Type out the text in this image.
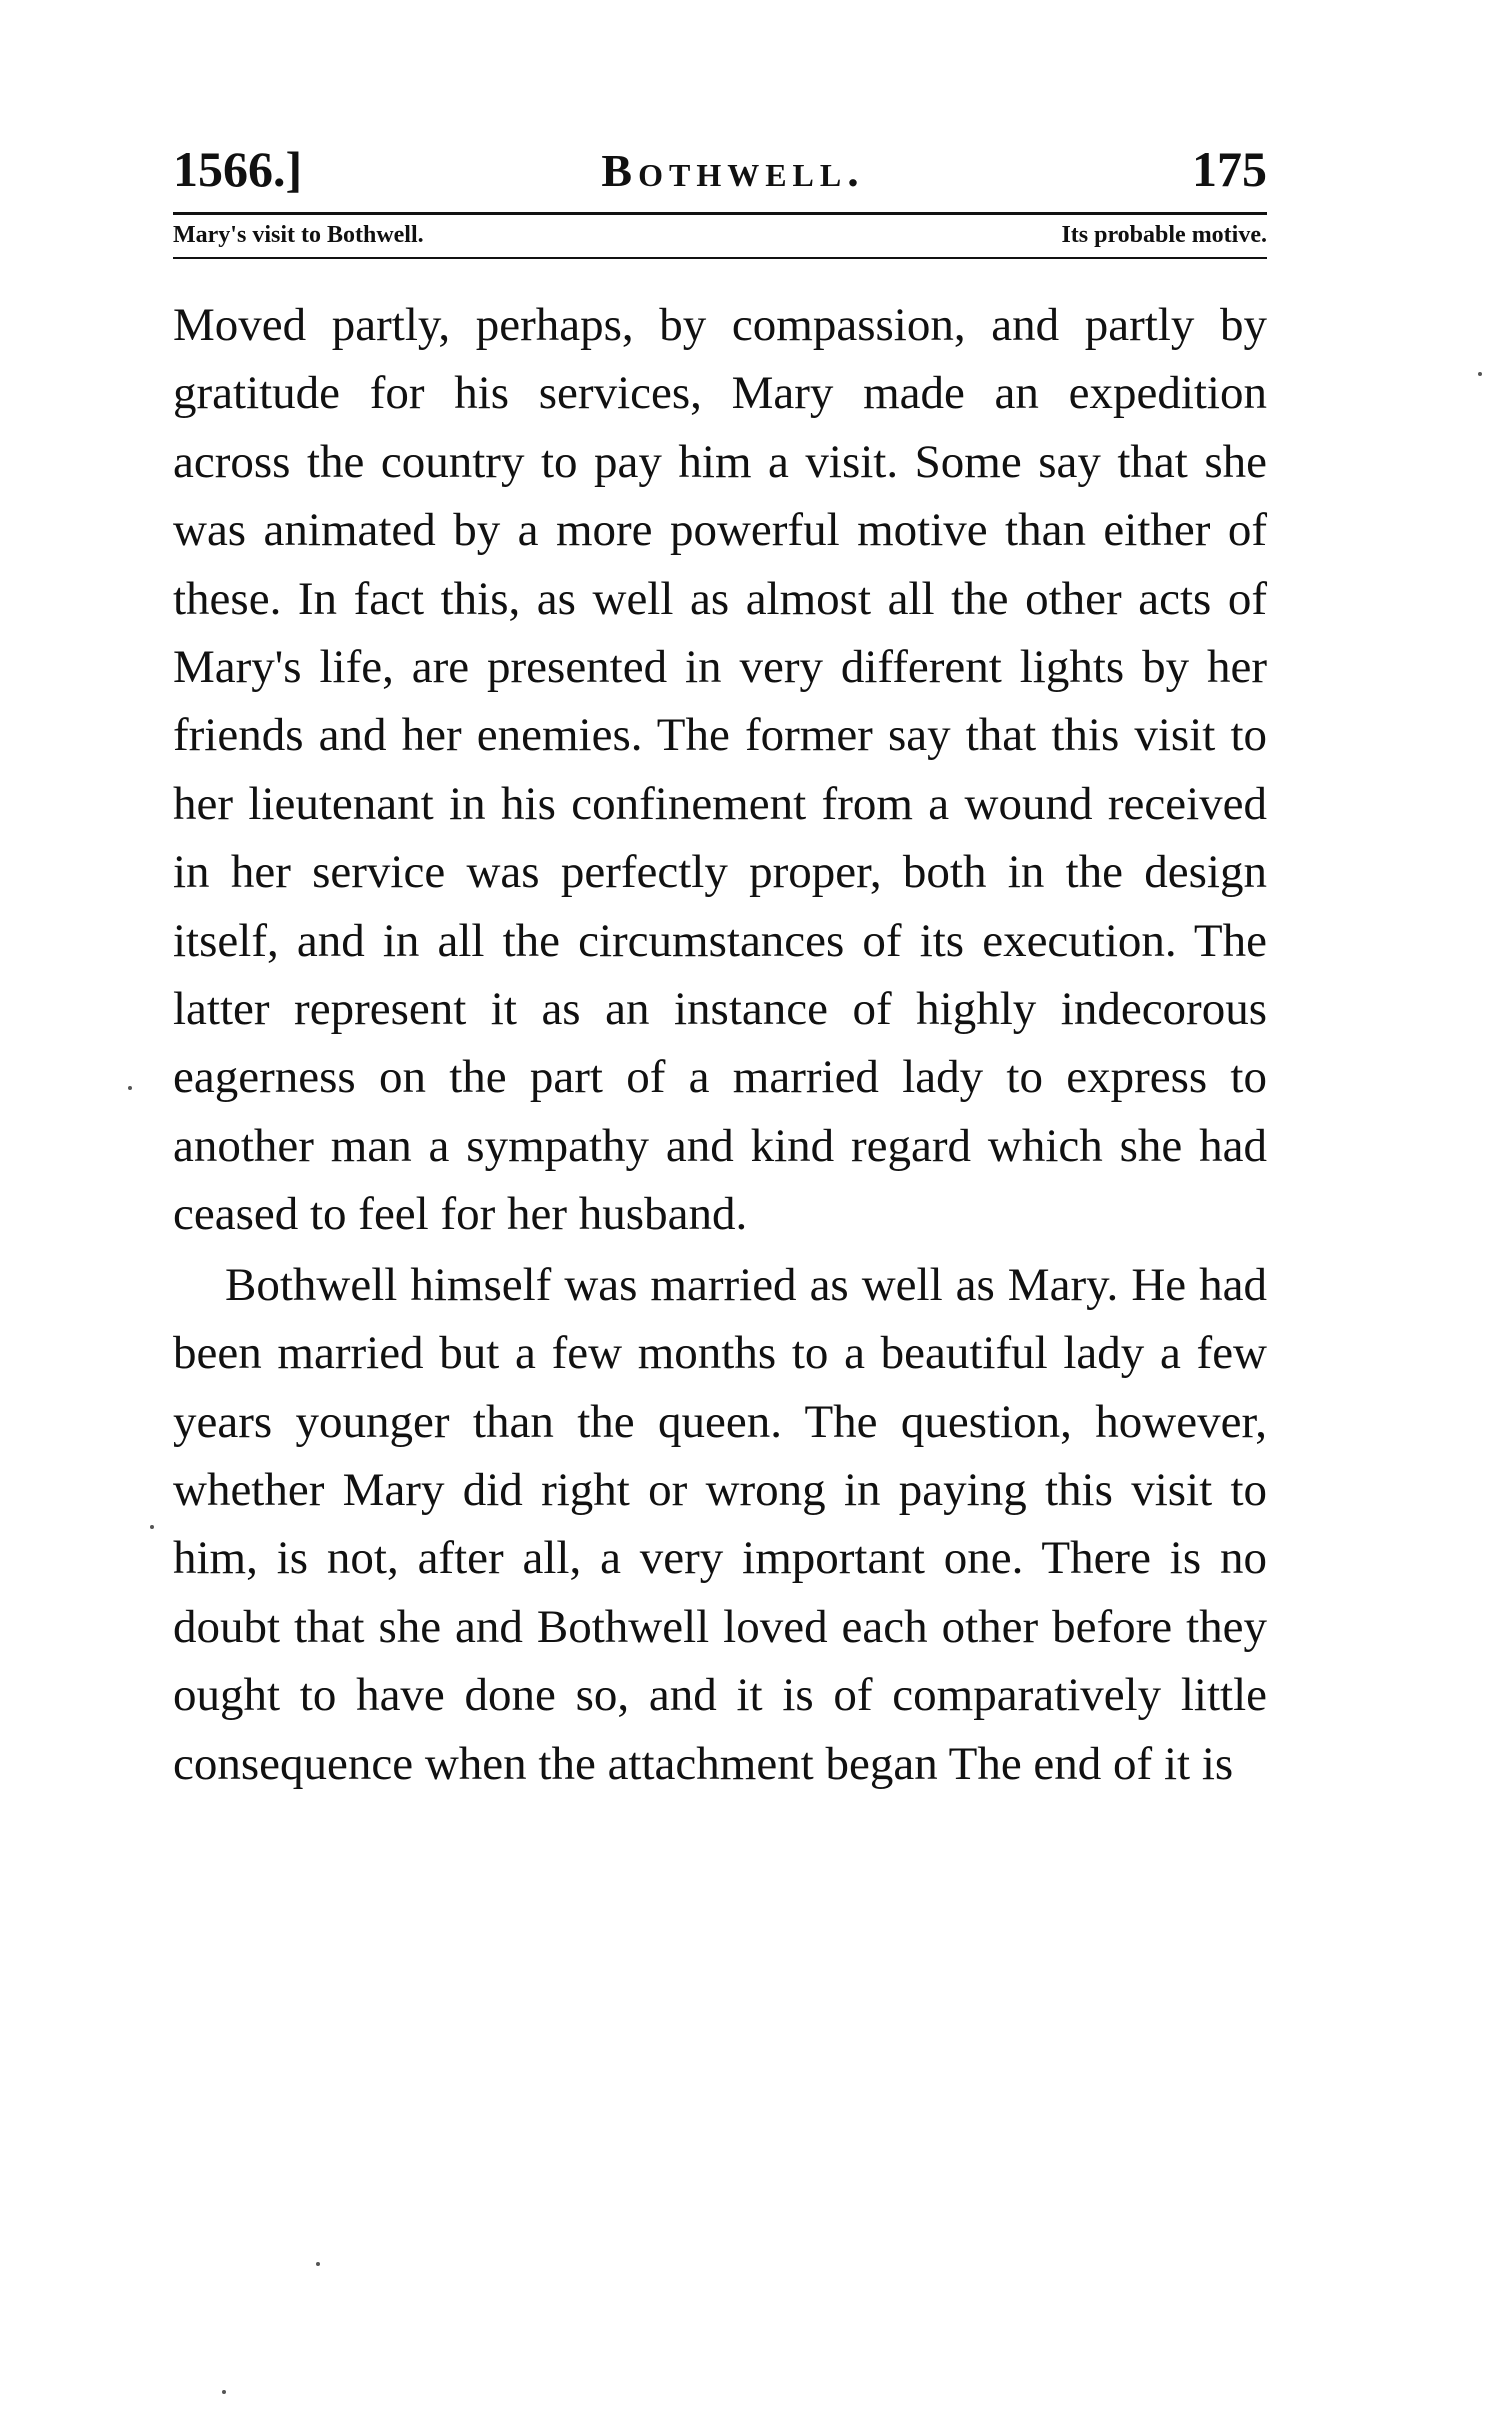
1566.]	Bothwell.	175
Mary's visit to Bothwell.	Its probable motive.

Moved partly, perhaps, by compassion, and partly by gratitude for his services, Mary made an expedition across the country to pay him a visit. Some say that she was animated by a more powerful motive than either of these. In fact this, as well as almost all the other acts of Mary's life, are presented in very different lights by her friends and her enemies. The former say that this visit to her lieutenant in his confinement from a wound received in her service was perfectly proper, both in the design itself, and in all the circumstances of its execution. The latter represent it as an instance of highly indecorous eagerness on the part of a married lady to express to another man a sympathy and kind regard which she had ceased to feel for her husband.

Bothwell himself was married as well as Mary. He had been married but a few months to a beautiful lady a few years younger than the queen. The question, however, whether Mary did right or wrong in paying this visit to him, is not, after all, a very important one. There is no doubt that she and Bothwell loved each other before they ought to have done so, and it is of comparatively little consequence when the attachment began The end of it is
